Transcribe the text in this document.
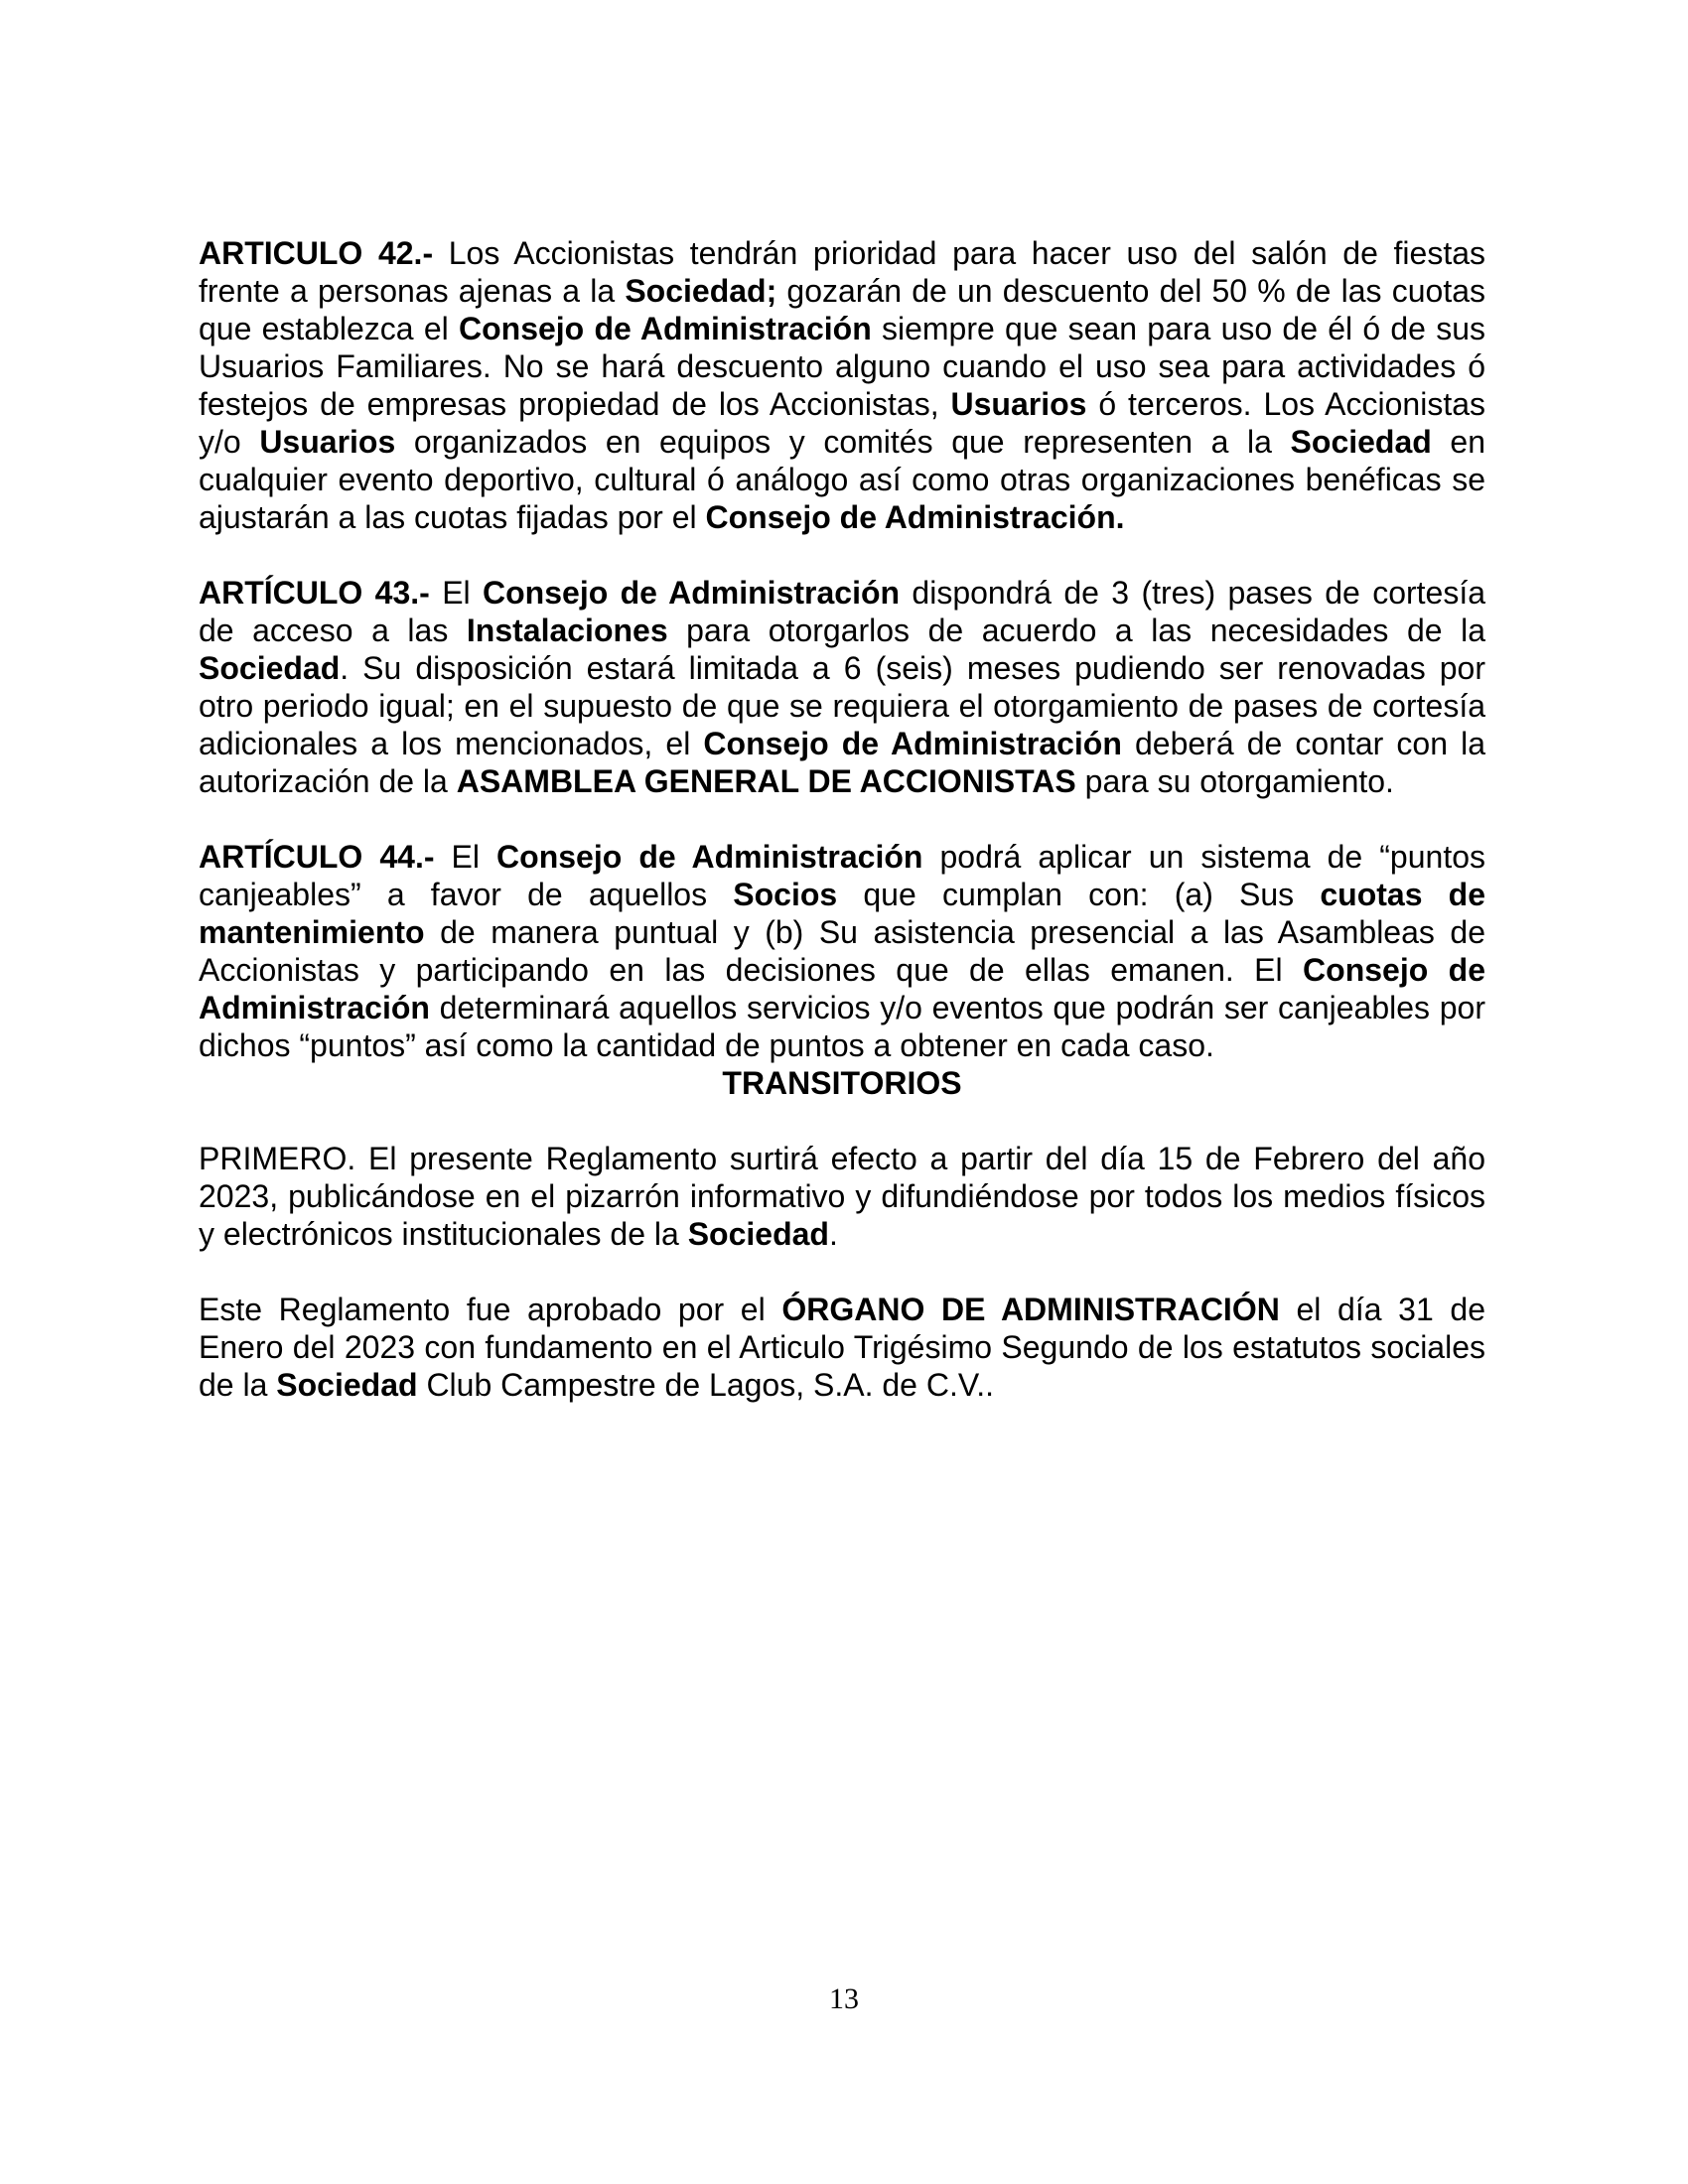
ARTICULO 42.- Los Accionistas tendrán prioridad para hacer uso del salón de fiestas frente a personas ajenas a la Sociedad; gozarán de un descuento del 50 % de las cuotas que establezca el Consejo de Administración siempre que sean para uso de él ó de sus Usuarios Familiares. No se hará descuento alguno cuando el uso sea para actividades ó festejos de empresas propiedad de los Accionistas, Usuarios ó terceros. Los Accionistas y/o Usuarios organizados en equipos y comités que representen a la Sociedad en cualquier evento deportivo, cultural ó análogo así como otras organizaciones benéficas se ajustarán a las cuotas fijadas por el Consejo de Administración.

ARTÍCULO 43.- El Consejo de Administración dispondrá de 3 (tres) pases de cortesía de acceso a las Instalaciones para otorgarlos de acuerdo a las necesidades de la Sociedad. Su disposición estará limitada a 6 (seis) meses pudiendo ser renovadas por otro periodo igual; en el supuesto de que se requiera el otorgamiento de pases de cortesía adicionales a los mencionados, el Consejo de Administración deberá de contar con la autorización de la ASAMBLEA GENERAL DE ACCIONISTAS para su otorgamiento.

ARTÍCULO 44.- El Consejo de Administración podrá aplicar un sistema de “puntos canjeables” a favor de aquellos Socios que cumplan con: (a) Sus cuotas de mantenimiento de manera puntual y (b) Su asistencia presencial a las Asambleas de Accionistas y participando en las decisiones que de ellas emanen. El Consejo de Administración determinará aquellos servicios y/o eventos que podrán ser canjeables por dichos “puntos” así como la cantidad de puntos a obtener en cada caso.

TRANSITORIOS

PRIMERO. El presente Reglamento surtirá efecto a partir del día 15 de Febrero del año 2023, publicándose en el pizarrón informativo y difundiéndose por todos los medios físicos y electrónicos institucionales de la Sociedad.

Este Reglamento fue aprobado por el ÓRGANO DE ADMINISTRACIÓN el día 31 de Enero del 2023 con fundamento en el Articulo Trigésimo Segundo de los estatutos sociales de la Sociedad Club Campestre de Lagos, S.A. de C.V..

13
